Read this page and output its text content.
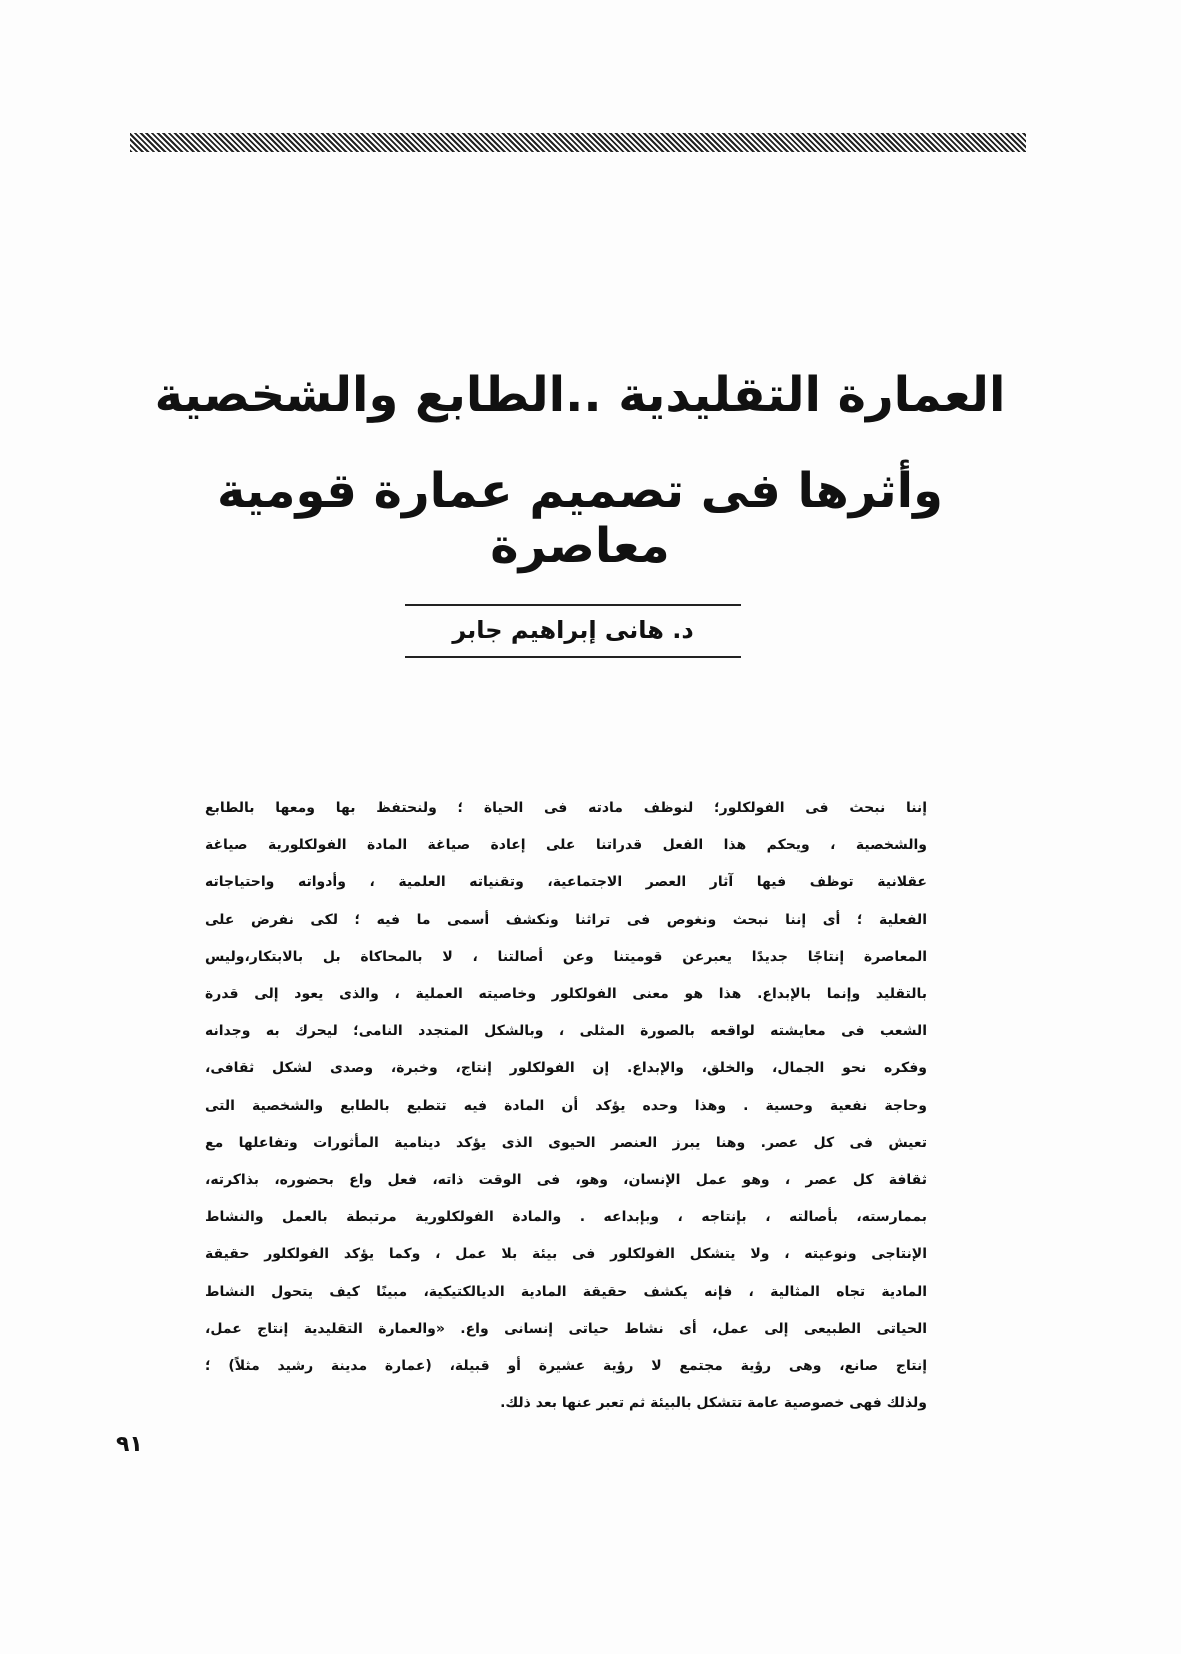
العمارة التقليدية ..الطابع والشخصية
وأثرها فى تصميم عمارة قومية معاصرة
د. هانى إبراهيم جابر
إننا نبحث فى الفولكلور؛ لنوظف مادته فى الحياة ؛ ولنحتفظ بها ومعها بالطابع
والشخصية ، ويحكم هذا الفعل قدراتنا على إعادة صياغة المادة الفولكلورية صياغة
عقلانية توظف فيها آثار العصر الاجتماعية، وتقنياته العلمية ، وأدواته واحتياجاته
الفعلية ؛ أى إننا نبحث ونغوص فى تراثنا ونكشف أسمى ما فيه ؛ لكى نفرض على
المعاصرة إنتاجًا جديدًا يعبرعن قوميتنا وعن أصالتنا ، لا بالمحاكاة بل بالابتكار،وليس
بالتقليد وإنما بالإبداع. هذا هو معنى الفولكلور وخاصيته العملية ، والذى يعود إلى قدرة
الشعب فى معايشته لواقعه بالصورة المثلى ، وبالشكل المتجدد النامى؛ ليحرك به وجدانه
وفكره نحو الجمال، والخلق، والإبداع. إن الفولكلور إنتاج، وخبرة، وصدى لشكل ثقافى،
وحاجة نفعية وحسية . وهذا وحده يؤكد أن المادة فيه تتطبع بالطابع والشخصية التى
تعيش فى كل عصر. وهنا يبرز العنصر الحيوى الذى يؤكد دينامية المأثورات وتفاعلها مع
ثقافة كل عصر ، وهو عمل الإنسان، وهو، فى الوقت ذاته، فعل واع بحضوره، بذاكرته،
بممارسته، بأصالته ، بإنتاجه ، وبإبداعه . والمادة الفولكلورية مرتبطة بالعمل والنشاط
الإنتاجى ونوعيته ، ولا يتشكل الفولكلور فى بيئة بلا عمل ، وكما يؤكد الفولكلور حقيقة
المادية تجاه المثالية ، فإنه يكشف حقيقة المادية الديالكتيكية، مبينًا كيف يتحول النشاط
الحياتى الطبيعى إلى عمل، أى نشاط حياتى إنسانى واع. «والعمارة التقليدية إنتاج عمل،
إنتاج صانع، وهى رؤية مجتمع لا رؤية عشيرة أو قبيلة، (عمارة مدينة رشيد مثلاً) ؛
ولذلك فهى خصوصية عامة تتشكل بالبيئة ثم تعبر عنها بعد ذلك.
٩١
